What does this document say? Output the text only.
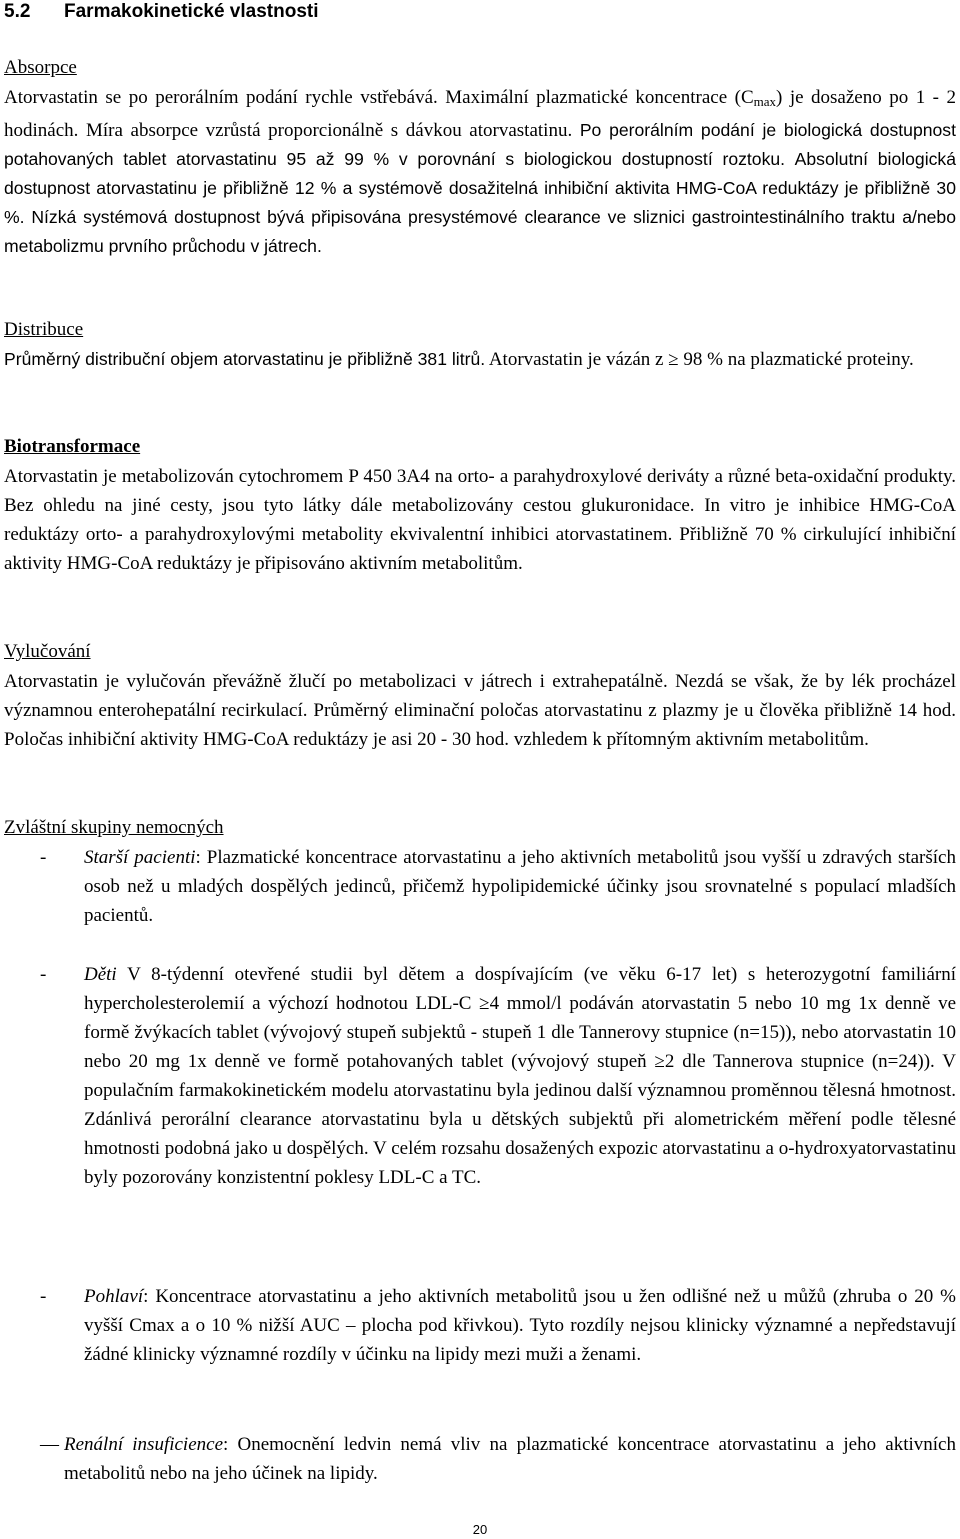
5.2 Farmakokinetické vlastnosti
Absorpce
Atorvastatin se po perorálním podání rychle vstřebává. Maximální plazmatické koncentrace $(C_{max})$ je dosaženo po 1 - 2 hodinách. Míra absorpce vzrůstá proporcionálně s dávkou atorvastatinu. Po perorálním podání je biologická dostupnost potahovaných tablet atorvastatinu 95 až 99 % v porovnání s biologickou dostupností roztoku. Absolutní biologická dostupnost atorvastatinu je přibližně 12 % a systémově dosažitelná inhibiční aktivita HMG-CoA reduktázy je přibližně 30 %. Nízká systémová dostupnost bývá připisována presystémové clearance ve sliznici gastrointestinálního traktu a/nebo metabolizmu prvního průchodu v játrech.
Distribuce
Průměrný distribuční objem atorvastatinu je přibližně 381 litrů. Atorvastatin je vázán z ≥ 98 % na plazmatické proteiny.
Biotransformace
Atorvastatin je metabolizován cytochromem P 450 3A4 na orto- a parahydroxylové deriváty a různé beta-oxidační produkty. Bez ohledu na jiné cesty, jsou tyto látky dále metabolizovány cestou glukuronidace. In vitro je inhibice HMG-CoA reduktázy orto- a parahydroxylovými metabolity ekvivalentní inhibici atorvastatinem. Přibližně 70 % cirkulující inhibiční aktivity HMG-CoA reduktázy je připisováno aktivním metabolitům.
Vylučování
Atorvastatin je vylučován převážně žlučí po metabolizaci v játrech i extrahepatálně. Nezdá se však, že by lék procházel významnou enterohepatální recirkulací. Průměrný eliminační poločas atorvastatinu z plazmy je u člověka přibližně 14 hod. Poločas inhibiční aktivity HMG-CoA reduktázy je asi 20 - 30 hod. vzhledem k přítomným aktivním metabolitům.
Zvláštní skupiny nemocných
- Starší pacienti: Plazmatické koncentrace atorvastatinu a jeho aktivních metabolitů jsou vyšší u zdravých starších osob než u mladých dospělých jedinců, přičemž hypolipidemické účinky jsou srovnatelné s populací mladších pacientů.
- Děti V 8-týdenní otevřené studii byl dětem a dospívajícím (ve věku 6-17 let) s heterozygotní familiární hypercholesterolemií a výchozí hodnotou LDL-C ≥4 mmol/l podáván atorvastatin 5 nebo 10 mg 1x denně ve formě žvýkacích tablet (vývojový stupeň subjektů - stupeň 1 dle Tannerovy stupnice (n=15)), nebo atorvastatin 10 nebo 20 mg 1x denně ve formě potahovaných tablet (vývojový stupeň ≥2 dle Tannerova stupnice (n=24)). V populačním farmakokinetickém modelu atorvastatinu byla jedinou další významnou proměnnou tělesná hmotnost. Zdánlivá perorální clearance atorvastatinu byla u dětských subjektů při alometrickém měření podle tělesné hmotnosti podobná jako u dospělých. V celém rozsahu dosažených expozic atorvastatinu a o-hydroxyatorvastatinu byly pozorovány konzistentní poklesy LDL-C a TC.
- Pohlaví: Koncentrace atorvastatinu a jeho aktivních metabolitů jsou u žen odlišné než u můžů (zhruba o 20 % vyšší Cmax a o 10 % nižší AUC – plocha pod křivkou). Tyto rozdíly nejsou klinicky významné a nepředstavují žádné klinicky významné rozdíly v účinku na lipidy mezi muži a ženami.
— Renální insuficience: Onemocnění ledvin nemá vliv na plazmatické koncentrace atorvastatinu a jeho aktivních metabolitů nebo na jeho účinek na lipidy.
20
